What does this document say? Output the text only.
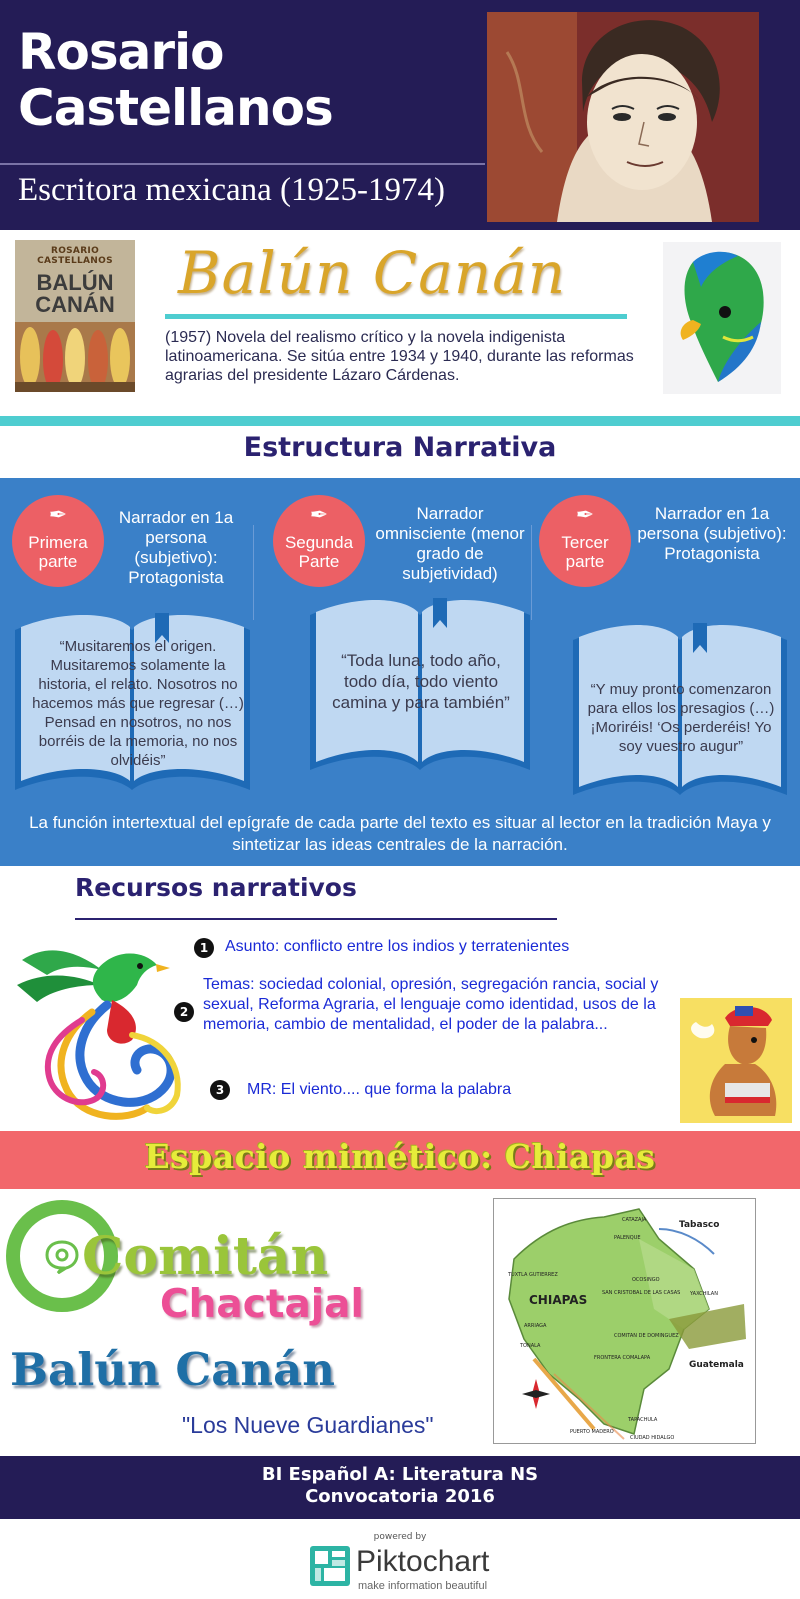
Rosario
Castellanos
Escritora mexicana (1925-1974)
ROSARIO CASTELLANOS
BALÚN
CANÁN	Balún Canán
(1957) Novela del realismo crítico y la novela indigenista latinoamericana. Se sitúa entre 1934 y 1940, durante las reformas agrarias del presidente Lázaro Cárdenas.
Estructura Narrativa
✒
Primera
parte
Narrador en 1a persona (subjetivo): Protagonista
✒
Segunda
Parte
Narrador omnisciente (menor grado de subjetividad)
✒
Tercer
parte
Narrador en 1a persona (subjetivo): Protagonista
“Musitaremos el origen. Musitaremos solamente la historia, el relato. Nosotros no hacemos más que regresar (…) Pensad en nosotros, no nos borréis de la memoria, no nos olvidéis”
“Toda luna, todo año, todo día, todo viento camina y para también”
“Y muy pronto comenzaron para ellos los presagios (…) ¡Moriréis! ‘Os perderéis! Yo soy vuestro augur”
La función intertextual del epígrafe de cada parte del texto es situar al lector en la tradición Maya y sintetizar las ideas centrales de la narración.
Recursos narrativos
1	Asunto: conflicto entre los indios y terratenientes
2
Temas: sociedad colonial, opresión, segregación rancia, social y sexual, Reforma Agraria, el lenguaje como identidad, usos de la memoria, cambio de mentalidad, el poder de la palabra...
3	MR: El viento.... que forma la palabra
Espacio mimético: Chiapas
Comitán
Chactajal
Balún Canán
"Los Nueve Guardianes"
Tabasco
Guatemala
CHIAPAS
TUXTLA GUTIERREZ
SAN CRISTOBAL DE LAS CASAS
COMITAN DE DOMINGUEZ
PALENQUE
OCOSINGO
TAPACHULA
PUERTO MADERO
TONALA
ARRIAGA
FRONTERA COMALAPA
CIUDAD HIDALGO
CATAZAJA
YAXCHILAN
BI Español A: Literatura NS
Convocatoria 2016
powered by
Piktochart
make information beautiful
